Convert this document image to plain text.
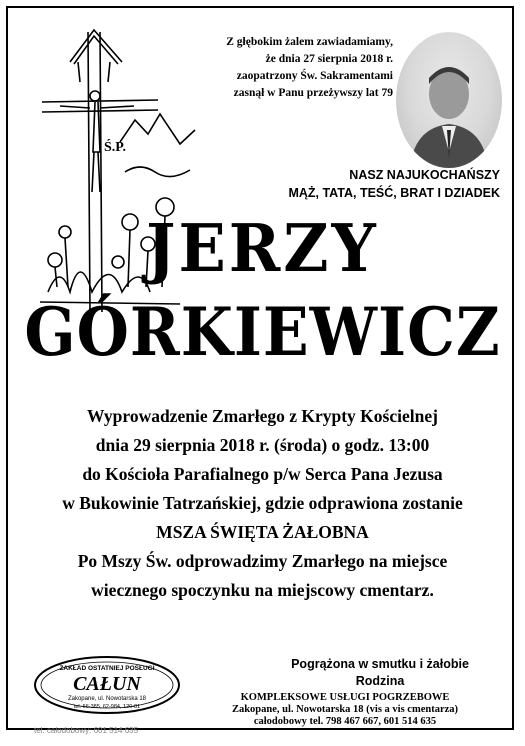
Ś.P.
Z głębokim żalem zawiadamiamy,
że dnia 27 sierpnia 2018 r.
zaopatrzony Św. Sakramentami
zasnął w Panu przeżywszy lat 79
NASZ NAJUKOCHAŃSZY
MĄŻ, TATA, TEŚĆ, BRAT I DZIADEK
JERZY
GÓRKIEWICZ
Wyprowadzenie Zmarłego z Krypty Kościelnej
dnia 29 sierpnia 2018 r. (środa) o godz. 13:00
do Kościoła Parafialnego p/w Serca Pana Jezusa
w Bukowinie Tatrzańskiej, gdzie odprawiona zostanie
MSZA ŚWIĘTA ŻAŁOBNA
Po Mszy Św. odprowadzimy Zmarłego na miejsce
wiecznego spoczynku na miejscowy cmentarz.
Pogrążona w smutku i żałobie
Rodzina
ZAKŁAD OSTATNIEJ POSŁUGI
CAŁUN
Zakopane, ul. Nowotarska 18
tel. 66-385, 62-984, 120-81
KOMPLEKSOWE USŁUGI POGRZEBOWE
Zakopane, ul. Nowotarska 18 (vis a vis cmentarza)
całodobowy tel. 798 467 667, 601 514 635
tel. całodobowy: 601 514 635
